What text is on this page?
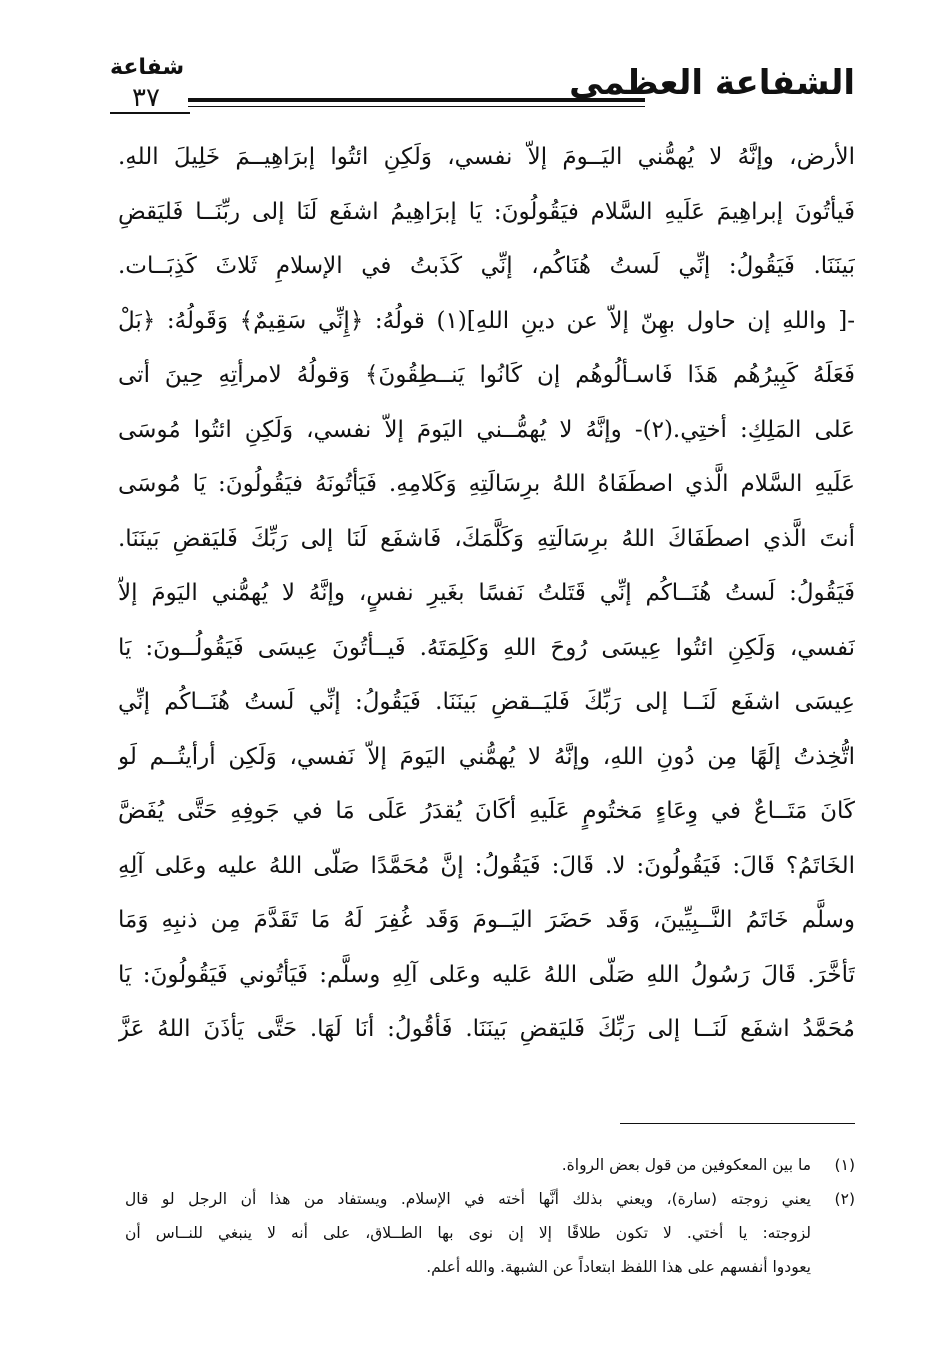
الشفاعة العظمى
شفاعة
٣٧
الأرض، وإنَّهُ لا يُهمُّني اليَــومَ إلاّ نفسي، وَلَكِنِ ائتُوا إبرَاهِيــمَ خَلِيلَ اللهِ.
فَيأتُونَ إبراهِيمَ عَلَيهِ السَّلام فيَقُولُونَ: يَا إبرَاهِيمُ اشفَع لَنَا إلى ربِّنَــا فَليَقضِ
بَينَنَا. فَيَقُولُ: إنِّي لَستُ هُنَاكُم، إنِّي كَذَبتُ في الإسلامِ ثَلاثَ كَذِبَــات.
-[ واللهِ إن حاول بهِنّ إلاّ عن دينِ اللهِ](١) قولُهُ: ﴿إِنِّي سَقِيمٌ﴾ وَقَولُهُ: ﴿بَلْ
فَعَلَهُ كَبِيرُهُم هَذَا فَاسـألُوهُم إن كَانُوا يَنــطِقُونَ﴾ وَقولُهُ لامرأتِهِ حِينَ أتى
عَلى المَلِكِ: أختِي.(٢)- وإنَّهُ لا يُهمُّــني اليَومَ إلاّ نفسي، وَلَكِنِ ائتُوا مُوسَى
عَلَيهِ السَّلام الَّذي اصطَفَاهُ اللهُ برِسَالَتِهِ وَكَلامِهِ. فَيَأتُونَهُ فيَقُولُونَ: يَا مُوسَى
أنتَ الَّذي اصطَفَاكَ اللهُ برِسَالَتِهِ وَكَلَّمَكَ، فَاشفَع لَنَا إلى رَبِّكَ فَليَقضِ بَينَنَا.
فَيَقُولُ: لَستُ هُنَــاكُم إنِّي قَتَلتُ نَفسًا بغَيرِ نفسٍ، وإنَّهُ لا يُهمُّني اليَومَ إلاّ
نَفسي، وَلَكِنِ ائتُوا عِيسَى رُوحَ اللهِ وَكَلِمَتَهُ. فَيــأتُونَ عِيسَى فَيَقُولُــونَ: يَا
عِيسَى اشفَع لَنَــا إلى رَبِّكَ فَليَــقضِ بَينَنَا. فَيَقُولُ: إنِّي لَستُ هُنَــاكُم إنِّي
اتُّخِذتُ إلَهًا مِن دُونِ اللهِ، وإنَّهُ لا يُهمُّني اليَومَ إلاّ نَفسي، وَلَكِن أرأيتُــم لَو
كَانَ مَتَــاعٌ في وِعَاءٍ مَختُومٍ عَلَيهِ أكَانَ يُقدَرُ عَلَى مَا في جَوفِهِ حَتَّى يُفَضَّ
الخَاتَمُ؟ قَالَ: فَيَقُولُونَ: لا. قَالَ: فَيَقُولُ: إنَّ مُحَمَّدًا صَلّى اللهُ عليه وعَلى آلِهِ
وسلَّم خَاتَمُ النَّــبِيِّينَ، وَقَد حَضَرَ اليَــومَ وَقَد غُفِرَ لَهُ مَا تَقَدَّمَ مِن ذنبِهِ وَمَا
تَأخَّرَ. قَالَ رَسُولُ اللهِ صَلّى اللهُ عَليه وعَلى آلِهِ وسلَّم: فَيَأتُوني فَيَقُولُونَ: يَا
مُحَمَّدُ اشفَع لَنَــا إلى رَبِّكَ فَليَقضِ بَينَنَا. فَأقُولُ: أنَا لَهَا. حَتَّى يَأذَنَ اللهُ عَزَّ
(١)ما بين المعكوفين من قول بعض الرواة.
(٢)يعني زوجته (سارة)، ويعني بذلك أنَّها أخته في الإسلام. ويستفاد من هذا أن الرجل لو قال
لزوجته: يا أختي. لا تكون طلاقًا إلا إن نوى بها الطــلاق، على أنه لا ينبغي للنــاس أن
يعودوا أنفسهم على هذا اللفظ ابتعاداً عن الشبهة. والله أعلم.
